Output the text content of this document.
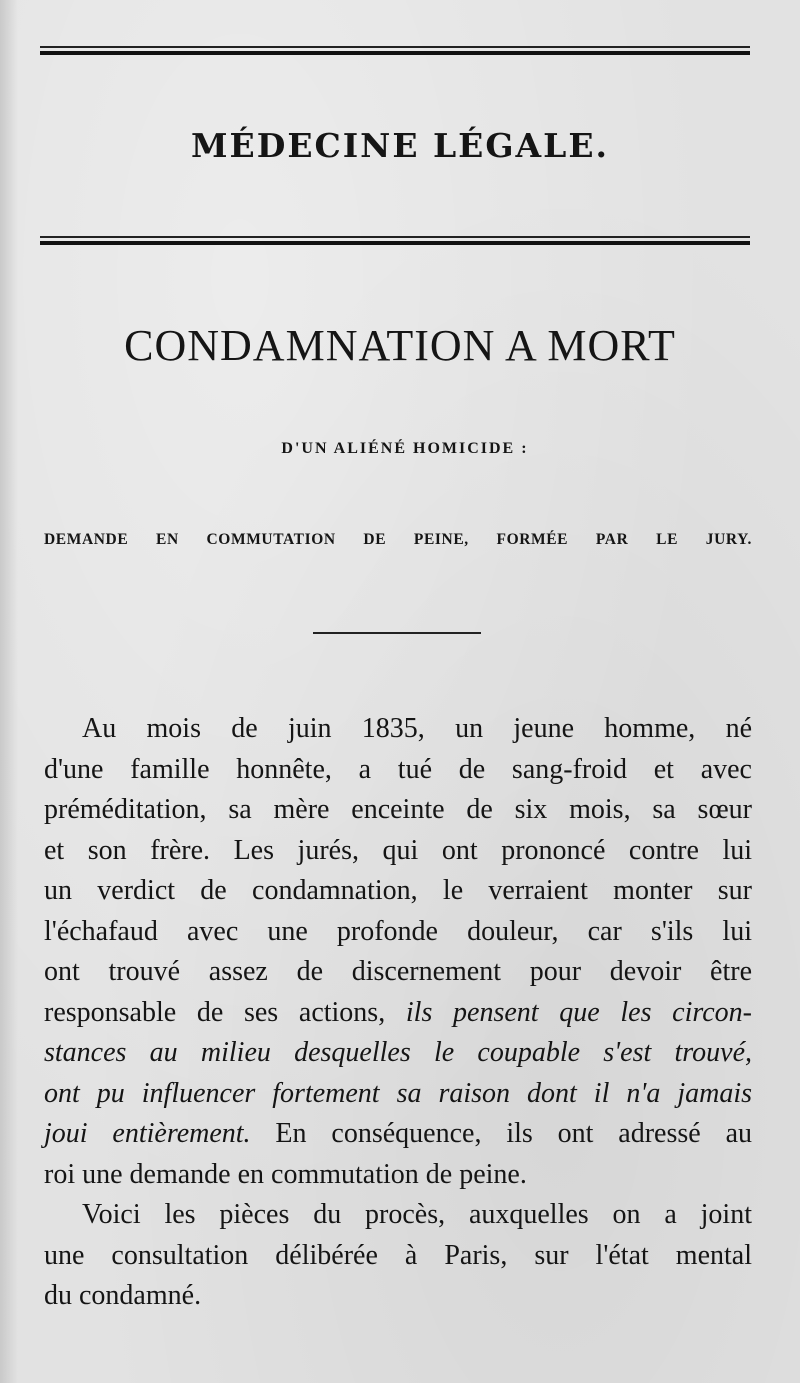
MÉDECINE LÉGALE.
CONDAMNATION A MORT
D'UN ALIÉNÉ HOMICIDE :
DEMANDE EN COMMUTATION DE PEINE, FORMÉE PAR LE JURY.
Au mois de juin 1835, un jeune homme, né
d'une famille honnête, a tué de sang-froid et avec
préméditation, sa mère enceinte de six mois, sa sœur
et son frère. Les jurés, qui ont prononcé contre lui
un verdict de condamnation, le verraient monter sur
l'échafaud avec une profonde douleur, car s'ils lui
ont trouvé assez de discernement pour devoir être
responsable de ses actions, ils pensent que les circon-
stances au milieu desquelles le coupable s'est trouvé,
ont pu influencer fortement sa raison dont il n'a jamais
joui entièrement. En conséquence, ils ont adressé au
roi une demande en commutation de peine.
Voici les pièces du procès, auxquelles on a joint
une consultation délibérée à Paris, sur l'état mental
du condamné.
